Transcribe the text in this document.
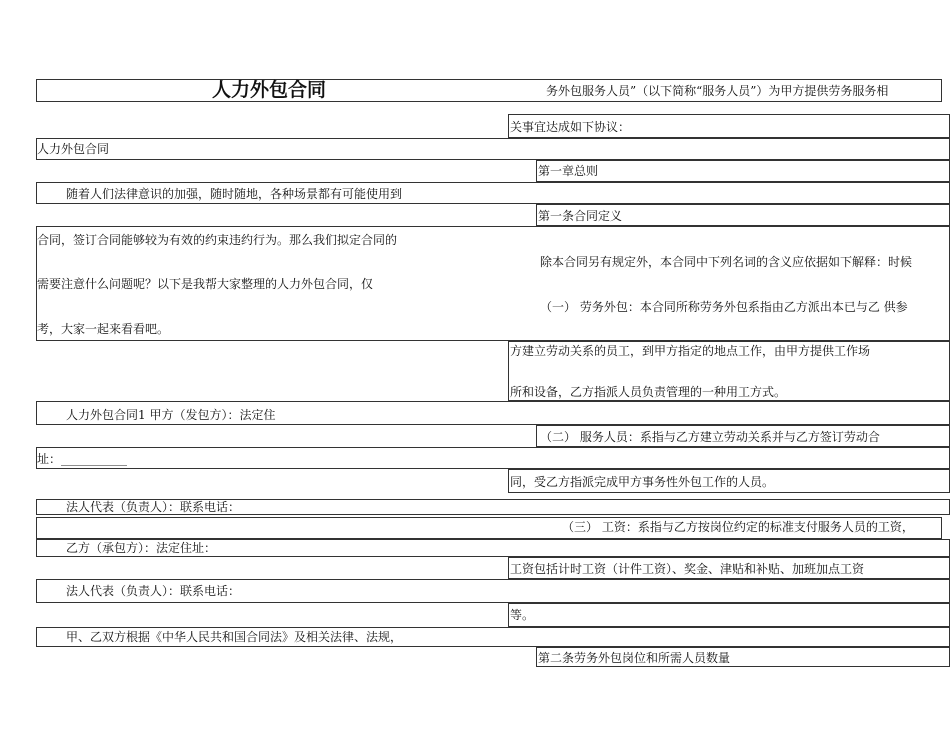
人力外包合同	务外包服务人员”（以下简称“服务人员”）为甲方提供劳务服务相
关事宜达成如下协议：
人力外包合同
第一章总则
随着人们法律意识的加强，随时随地，各种场景都有可能使用到
第一条合同定义
合同，签订合同能够较为有效的约束违约行为。那么我们拟定合同的
除本合同另有规定外，本合同中下列名词的含义应依据如下解释：时候
需要注意什么问题呢？以下是我帮大家整理的人力外包合同，仅
（一） 劳务外包：本合同所称劳务外包系指由乙方派出本已与乙 供参
考，大家一起来看看吧。
方建立劳动关系的员工，到甲方指定的地点工作，由甲方提供工作场
所和设备，乙方指派人员负责管理的一种用工方式。
人力外包合同1 甲方（发包方）：法定住
（二） 服务人员：系指与乙方建立劳动关系并与乙方签订劳动合
址：___________
同，受乙方指派完成甲方事务性外包工作的人员。
法人代表（负责人）：联系电话：
（三） 工资：系指与乙方按岗位约定的标准支付服务人员的工资，
乙方（承包方）：法定住址：
工资包括计时工资（计件工资）、奖金、津贴和补贴、加班加点工资
法人代表（负责人）：联系电话：
等。
甲、乙双方根据《中华人民共和国合同法》及相关法律、法规，
第二条劳务外包岗位和所需人员数量
